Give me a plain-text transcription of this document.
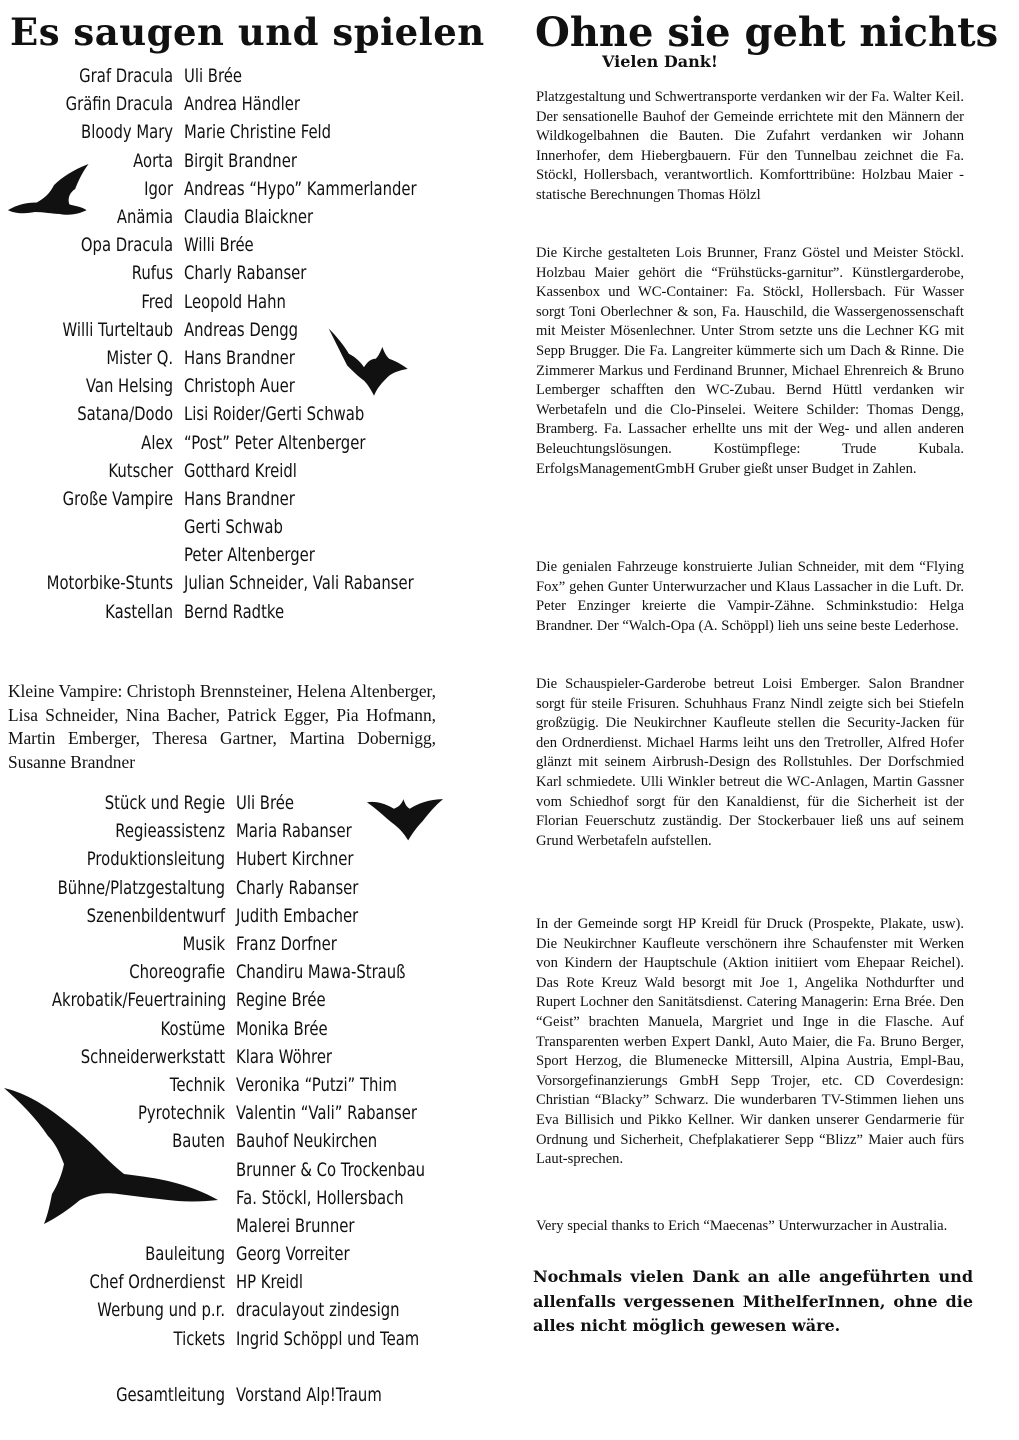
Es saugen und spielen
Graf Dracula Uli Brée
Gräfin Dracula Andrea Händler
Bloody Mary Marie Christine Feld
Aorta Birgit Brandner
Igor Andreas “Hypo” Kammerlander
Anämia Claudia Blaickner
Opa Dracula Willi Brée
Rufus Charly Rabanser
Fred Leopold Hahn
Willi Turteltaub Andreas Dengg
Mister Q. Hans Brandner
Van Helsing Christoph Auer
Satana/Dodo Lisi Roider/Gerti Schwab
Alex “Post” Peter Altenberger
Kutscher Gotthard Kreidl
Große Vampire Hans Brandner
Gerti Schwab
Peter Altenberger
Motorbike-Stunts Julian Schneider, Vali Rabanser
Kastellan Bernd Radtke
Kleine Vampire: Christoph Brennsteiner, Helena Altenberger, Lisa Schneider, Nina Bacher, Patrick Egger, Pia Hofmann, Martin Emberger, Theresa Gartner, Martina Dobernigg, Susanne Brandner
Stück und Regie Uli Brée
Regieassistenz Maria Rabanser
Produktionsleitung Hubert Kirchner
Bühne/Platzgestaltung Charly Rabanser
Szenenbildentwurf Judith Embacher
Musik Franz Dorfner
Choreografie Chandiru Mawa-Strauß
Akrobatik/Feuertraining Regine Brée
Kostüme Monika Brée
Schneiderwerkstatt Klara Wöhrer
Technik Veronika “Putzi” Thim
Pyrotechnik Valentin “Vali” Rabanser
Bauten Bauhof Neukirchen
Brunner & Co Trockenbau
Fa. Stöckl, Hollersbach
Malerei Brunner
Bauleitung Georg Vorreiter
Chef Ordnerdienst HP Kreidl
Werbung und p.r. draculayout zindesign
Tickets Ingrid Schöppl und Team
Gesamtleitung Vorstand Alp!Traum
Ohne sie geht nichts
Vielen Dank!
Platzgestaltung und Schwertransporte verdanken wir der Fa. Walter Keil. Der sensationelle Bauhof der Gemeinde errichtete mit den Männern der Wildkogelbahnen die Bauten. Die Zufahrt verdanken wir Johann Innerhofer, dem Hiebergbauern. Für den Tunnelbau zeichnet die Fa. Stöckl, Hollersbach, verantwortlich. Komforttribüne: Holzbau Maier - statische Berechnungen Thomas Hölzl
Die Kirche gestalteten Lois Brunner, Franz Göstel und Meister Stöckl. Holzbau Maier gehört die “Frühstücks-garnitur”. Künstlergarderobe, Kassenbox und WC-Container: Fa. Stöckl, Hollersbach. Für Wasser sorgt Toni Oberlechner & son, Fa. Hauschild, die Wassergenossenschaft mit Meister Mösenlechner. Unter Strom setzte uns die Lechner KG mit Sepp Brugger. Die Fa. Langreiter kümmerte sich um Dach & Rinne. Die Zimmerer Markus und Ferdinand Brunner, Michael Ehrenreich & Bruno Lemberger schafften den WC-Zubau. Bernd Hüttl verdanken wir Werbetafeln und die Clo-Pinselei. Weitere Schilder: Thomas Dengg, Bramberg. Fa. Lassacher erhellte uns mit der Weg- und allen anderen Beleuchtungslösungen. Kostümpflege: Trude Kubala. ErfolgsManagementGmbH Gruber gießt unser Budget in Zahlen.
Die genialen Fahrzeuge konstruierte Julian Schneider, mit dem “Flying Fox” gehen Gunter Unterwurzacher und Klaus Lassacher in die Luft. Dr. Peter Enzinger kreierte die Vampir-Zähne. Schminkstudio: Helga Brandner. Der “Walch-Opa (A. Schöppl) lieh uns seine beste Lederhose.
Die Schauspieler-Garderobe betreut Loisi Emberger. Salon Brandner sorgt für steile Frisuren. Schuhhaus Franz Nindl zeigte sich bei Stiefeln großzügig. Die Neukirchner Kaufleute stellen die Security-Jacken für den Ordnerdienst. Michael Harms leiht uns den Tretroller, Alfred Hofer glänzt mit seinem Airbrush-Design des Rollstuhles. Der Dorfschmied Karl schmiedete. Ulli Winkler betreut die WC-Anlagen, Martin Gassner vom Schiedhof sorgt für den Kanaldienst, für die Sicherheit ist der Florian Feuerschutz zuständig. Der Stockerbauer ließ uns auf seinem Grund Werbetafeln aufstellen.
In der Gemeinde sorgt HP Kreidl für Druck (Prospekte, Plakate, usw). Die Neukirchner Kaufleute verschönern ihre Schaufenster mit Werken von Kindern der Hauptschule (Aktion initiiert vom Ehepaar Reichel). Das Rote Kreuz Wald besorgt mit Joe 1, Angelika Nothdurfter und Rupert Lochner den Sanitätsdienst. Catering Managerin: Erna Brée. Den “Geist” brachten Manuela, Margriet und Inge in die Flasche. Auf Transparenten werben Expert Dankl, Auto Maier, die Fa. Bruno Berger, Sport Herzog, die Blumenecke Mittersill, Alpina Austria, Empl-Bau, Vorsorgefinanzierungs GmbH Sepp Trojer, etc. CD Coverdesign: Christian “Blacky” Schwarz. Die wunderbaren TV-Stimmen liehen uns Eva Billisich und Pikko Kellner. Wir danken unserer Gendarmerie für Ordnung und Sicherheit, Chefplakatierer Sepp “Blizz” Maier auch fürs Laut-sprechen.
Very special thanks to Erich “Maecenas” Unterwurzacher in Australia.
Nochmals vielen Dank an alle angeführten und allenfalls vergessenen MithelferInnen, ohne die alles nicht möglich gewesen wäre.
